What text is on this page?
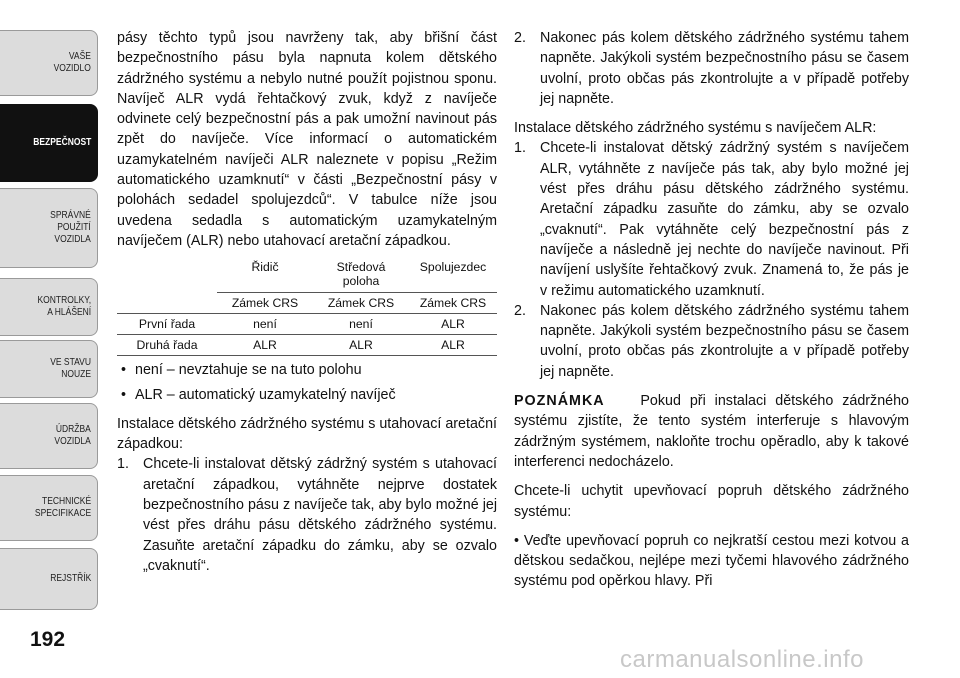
VAŠE
VOZIDLO
BEZPEČNOST
SPRÁVNÉ
POUŽITÍ
VOZIDLA
KONTROLKY,
A HLÁŠENÍ
VE STAVU
NOUZE
ÚDRŽBA
VOZIDLA
TECHNICKÉ
SPECIFIKACE
REJSTŘÍK
192

pásy těchto typů jsou navrženy tak, aby břišní část bezpečnostního pásu byla napnuta kolem dětského zádržného systému a nebylo nutné použít pojistnou sponu. Navíječ ALR vydá řehtačkový zvuk, když z navíječe odvinete celý bezpečnostní pás a pak umožní navinout pás zpět do navíječe. Více informací o automatickém uzamykatelném navíječi ALR naleznete v popisu „Režim automatického uzamknutí“ v části „Bezpečnostní pásy v polohách sedadel spolujezdců“. V tabulce níže jsou uvedena sedadla s automatickým uzamykatelným navíječem (ALR) nebo utahovací aretační západkou.

	Řidič	Středová poloha	Spolujezdec
	Zámek CRS	Zámek CRS	Zámek CRS
První řada	není	není	ALR
Druhá řada	ALR	ALR	ALR
• není – nevztahuje se na tuto polohu
• ALR – automatický uzamykatelný navíječ

Instalace dětského zádržného systému s utahovací aretační západkou:

1. Chcete-li instalovat dětský zádržný systém s utahovací aretační západkou, vytáhněte nejprve dostatek bezpečnostního pásu z navíječe tak, aby bylo možné jej vést přes dráhu pásu dětského zádržného systému. Zasuňte aretační západku do zámku, aby se ozvalo „cvaknutí“.
2. Nakonec pás kolem dětského zádržného systému tahem napněte. Jakýkoli systém bezpečnostního pásu se časem uvolní, proto občas pás zkontrolujte a v případě potřeby jej napněte.

Instalace dětského zádržného systému s navíječem ALR:

1. Chcete-li instalovat dětský zádržný systém s navíječem ALR, vytáhněte z navíječe pás tak, aby bylo možné jej vést přes dráhu pásu dětského zádržného systému. Aretační západku zasuňte do zámku, aby se ozvalo „cvaknutí“. Pak vytáhněte celý bezpečnostní pás z navíječe a následně jej nechte do navíječe navinout. Při navíjení uslyšíte řehtačkový zvuk. Znamená to, že pás je v režimu automatického uzamknutí.
2. Nakonec pás kolem dětského zádržného systému tahem napněte. Jakýkoli systém bezpečnostního pásu se časem uvolní, proto občas pás zkontrolujte a v případě potřeby jej napněte.

POZNÁMKA	Pokud při instalaci dětského zádržného systému zjistíte, že tento systém interferuje s hlavovým zádržným systémem, nakloňte trochu opěradlo, aby k takové interferenci nedocházelo.

Chcete-li uchytit upevňovací popruh dětského zádržného systému:

• Veďte upevňovací popruh co nejkratší cestou mezi kotvou a dětskou sedačkou, nejlépe mezi tyčemi hlavového zádržného systému pod opěrkou hlavy. Při

carmanualsonline.info
